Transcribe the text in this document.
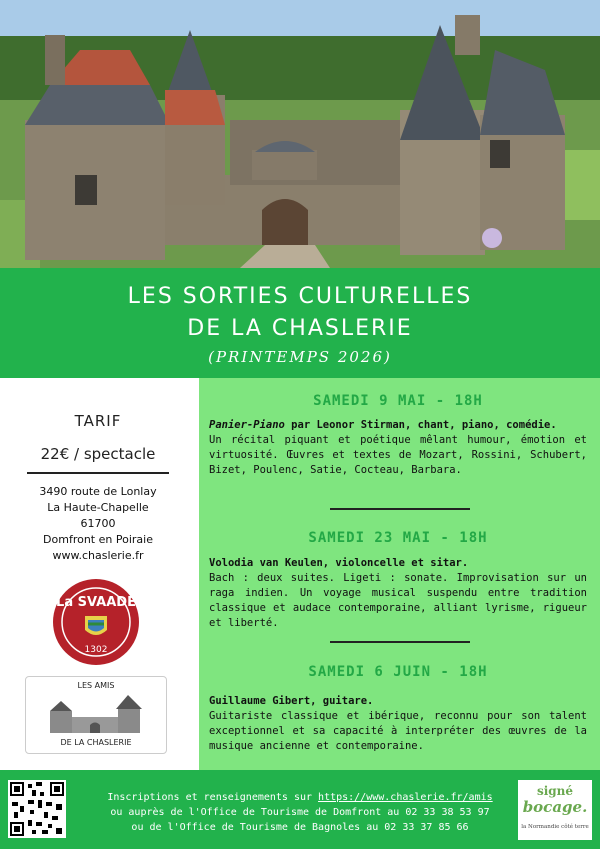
LES SORTIES CULTURELLES
DE LA CHASLERIE
(PRINTEMPS 2026)
TARIF
22€ / spectacle
3490 route de Lonlay
La Haute-Chapelle
61700
Domfront en Poiraie
www.chaslerie.fr
1302
La SVAADE
LES AMIS
DE LA CHASLERIE
SAMEDI 9 MAI - 18H
Panier-Piano par Leonor Stirman, chant, piano, comédie.
Un récital piquant et poétique mêlant humour, émotion et virtuosité. Œuvres et textes de Mozart, Rossini, Schubert, Bizet, Poulenc, Satie, Cocteau, Barbara.
SAMEDI 23 MAI - 18H
Volodia van Keulen, violoncelle et sitar.
Bach : deux suites. Ligeti : sonate. Improvisation sur un raga indien. Un voyage musical suspendu entre tradition classique et audace contemporaine, alliant lyrisme, rigueur et liberté.
SAMEDI 6 JUIN - 18H
Guillaume Gibert, guitare.
Guitariste classique et ibérique, reconnu pour son talent exceptionnel et sa capacité à interpréter des œuvres de la musique ancienne et contemporaine.
Inscriptions et renseignements sur https://www.chaslerie.fr/amis
ou auprès de l'Office de Tourisme de Domfront au 02 33 38 53 97
ou de l'Office de Tourisme de Bagnoles au 02 33 37 85 66
signé
bocage.
la Normandie côté terre
